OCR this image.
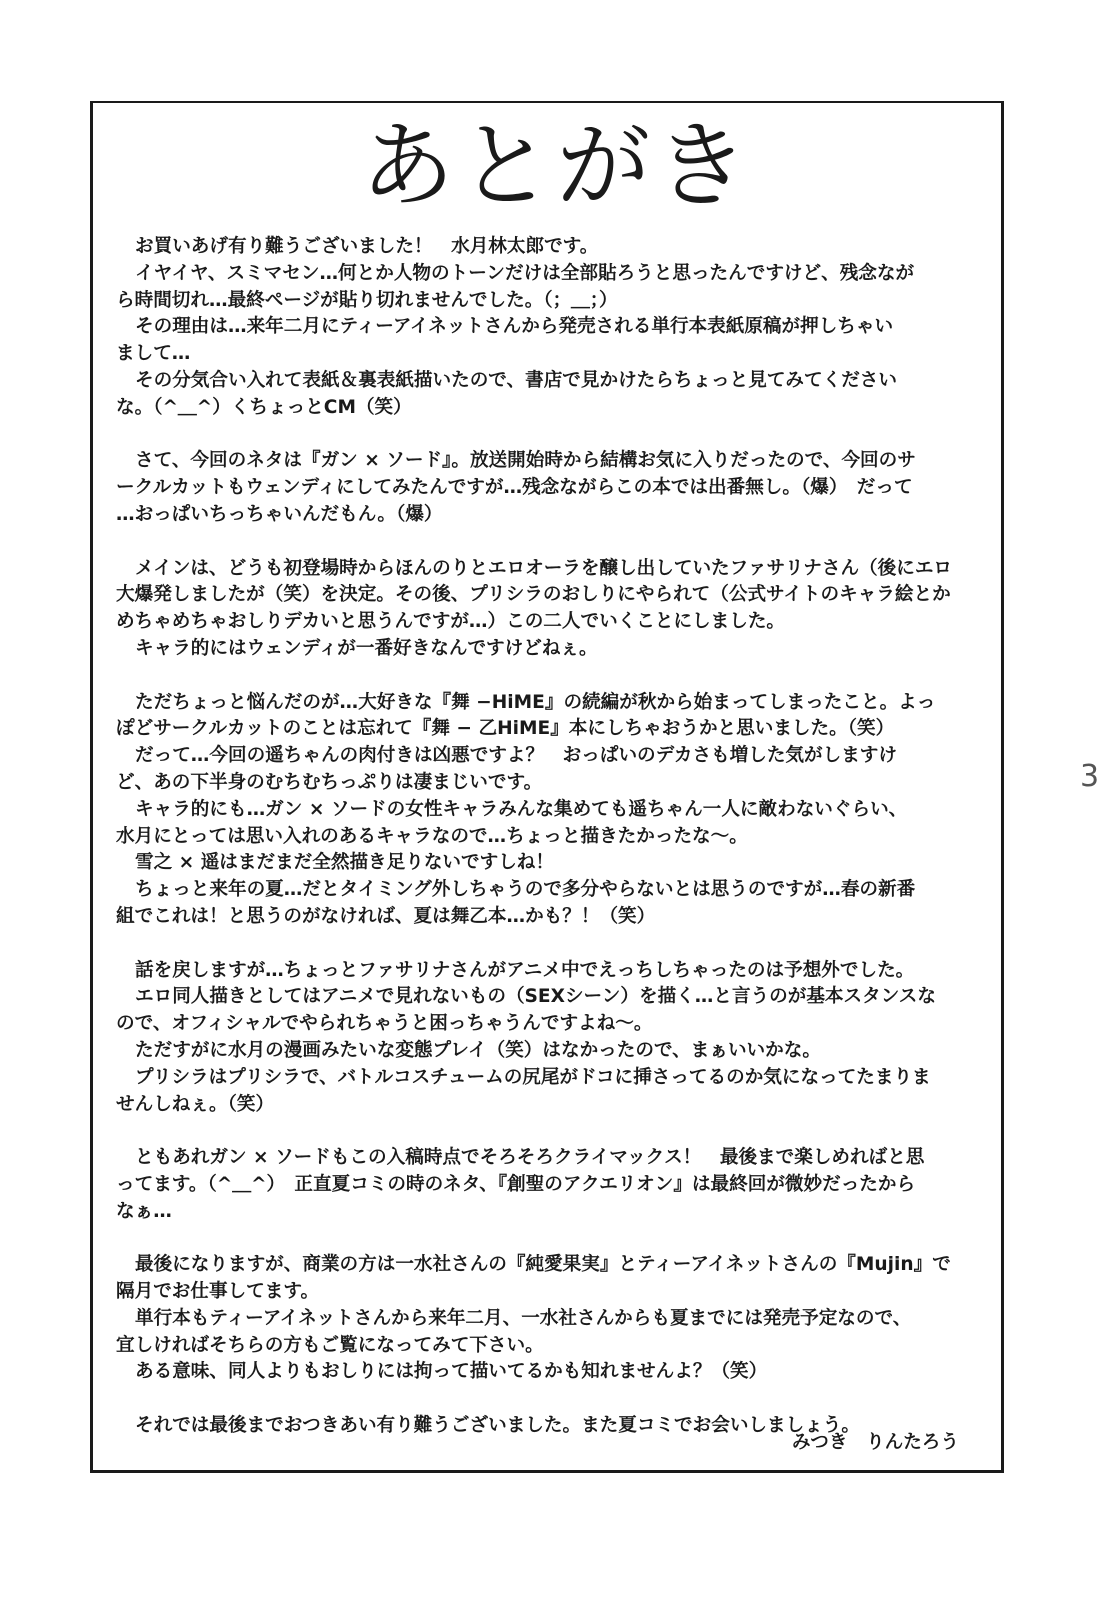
あとがき
お買いあげ有り難うございました！　水月林太郎です。
イヤイヤ、スミマセン…何とか人物のトーンだけは全部貼ろうと思ったんですけど、残念なが
ら時間切れ…最終ページが貼り切れませんでした。（；＿；）
その理由は…来年二月にティーアイネットさんから発売される単行本表紙原稿が押しちゃい
まして…
その分気合い入れて表紙＆裏表紙描いたので、書店で見かけたらちょっと見てみてください
な。（^＿^）くちょっとCM（笑）
さて、今回のネタは『ガン × ソード』。放送開始時から結構お気に入りだったので、今回のサ
ークルカットもウェンディにしてみたんですが…残念ながらこの本では出番無し。（爆）　だって
…おっぱいちっちゃいんだもん。（爆）
メインは、どうも初登場時からほんのりとエロオーラを醸し出していたファサリナさん（後にエロ
大爆発しましたが（笑）を決定。その後、プリシラのおしりにやられて（公式サイトのキャラ絵とか
めちゃめちゃおしりデカいと思うんですが…）この二人でいくことにしました。
キャラ的にはウェンディが一番好きなんですけどねぇ。
ただちょっと悩んだのが…大好きな『舞 −HiME』の続編が秋から始まってしまったこと。よっ
ぽどサークルカットのことは忘れて『舞 − 乙HiME』本にしちゃおうかと思いました。（笑）
だって…今回の遥ちゃんの肉付きは凶悪ですよ？　おっぱいのデカさも増した気がしますけ
ど、あの下半身のむちむちっぷりは凄まじいです。
キャラ的にも…ガン × ソードの女性キャラみんな集めても遥ちゃん一人に敵わないぐらい、
水月にとっては思い入れのあるキャラなので…ちょっと描きたかったな〜。
雪之 × 遥はまだまだ全然描き足りないですしね！
ちょっと来年の夏…だとタイミング外しちゃうので多分やらないとは思うのですが…春の新番
組でこれは！と思うのがなければ、夏は舞乙本…かも？！（笑）
話を戻しますが…ちょっとファサリナさんがアニメ中でえっちしちゃったのは予想外でした。
エロ同人描きとしてはアニメで見れないもの（SEXシーン）を描く…と言うのが基本スタンスな
ので、オフィシャルでやられちゃうと困っちゃうんですよね〜。
ただすがに水月の漫画みたいな変態プレイ（笑）はなかったので、まぁいいかな。
プリシラはプリシラで、バトルコスチュームの尻尾がドコに挿さってるのか気になってたまりま
せんしねぇ。（笑）
ともあれガン × ソードもこの入稿時点でそろそろクライマックス！　最後まで楽しめればと思
ってます。（^＿^）　正直夏コミの時のネタ、『創聖のアクエリオン』は最終回が微妙だったから
なぁ…
最後になりますが、商業の方は一水社さんの『純愛果実』とティーアイネットさんの『Mujin』で
隔月でお仕事してます。
単行本もティーアイネットさんから来年二月、一水社さんからも夏までには発売予定なので、
宜しければそちらの方もご覧になってみて下さい。
ある意味、同人よりもおしりには拘って描いてるかも知れませんよ？（笑）
それでは最後までおつきあい有り難うございました。また夏コミでお会いしましょう。
みつき　りんたろう
3
